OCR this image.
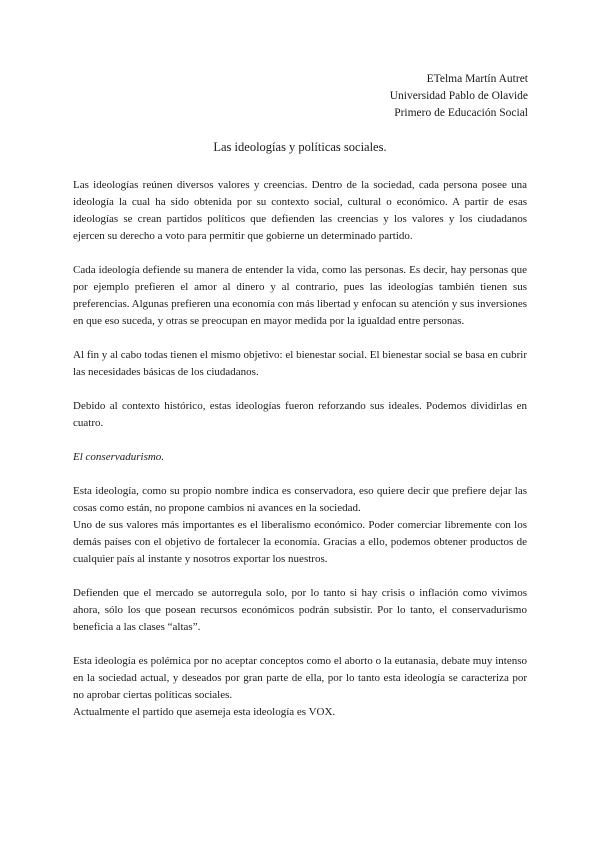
ETelma Martín Autret
Universidad Pablo de Olavide
Primero de Educación Social
Las ideologías y políticas sociales.

Las ideologías reúnen diversos valores y creencias. Dentro de la sociedad, cada persona posee una ideología la cual ha sido obtenida por su contexto social, cultural o económico. A partir de esas ideologías se crean partidos políticos que defienden las creencias y los valores y los ciudadanos ejercen su derecho a voto para permitir que gobierne un determinado partido.

Cada ideología defiende su manera de entender la vida, como las personas. Es decir, hay personas que por ejemplo prefieren el amor al dinero y al contrario, pues las ideologías también tienen sus preferencias. Algunas prefieren una economía con más libertad y enfocan su atención y sus inversiones en que eso suceda, y otras se preocupan en mayor medida por la igualdad entre personas.

Al fin y al cabo todas tienen el mismo objetivo: el bienestar social. El bienestar social se basa en cubrir las necesidades básicas de los ciudadanos.

Debido al contexto histórico, estas ideologías fueron reforzando sus ideales. Podemos dividirlas en cuatro.

El conservadurismo.

Esta ideología, como su propio nombre indica es conservadora, eso quiere decir que prefiere dejar las cosas como están, no propone cambios ni avances en la sociedad.

Uno de sus valores más importantes es el liberalismo económico. Poder comerciar libremente con los demás países con el objetivo de fortalecer la economía. Gracias a ello, podemos obtener productos de cualquier país al instante y nosotros exportar los nuestros.

Defienden que el mercado se autorregula solo, por lo tanto si hay crisis o inflación como vivimos ahora, sólo los que posean recursos económicos podrán subsistir. Por lo tanto, el conservadurismo beneficia a las clases “altas”.

Esta ideología es polémica por no aceptar conceptos como el aborto o la eutanasia, debate muy intenso en la sociedad actual, y deseados por gran parte de ella, por lo tanto esta ideología se caracteriza por no aprobar ciertas políticas sociales.

Actualmente el partido que asemeja esta ideología es VOX.
